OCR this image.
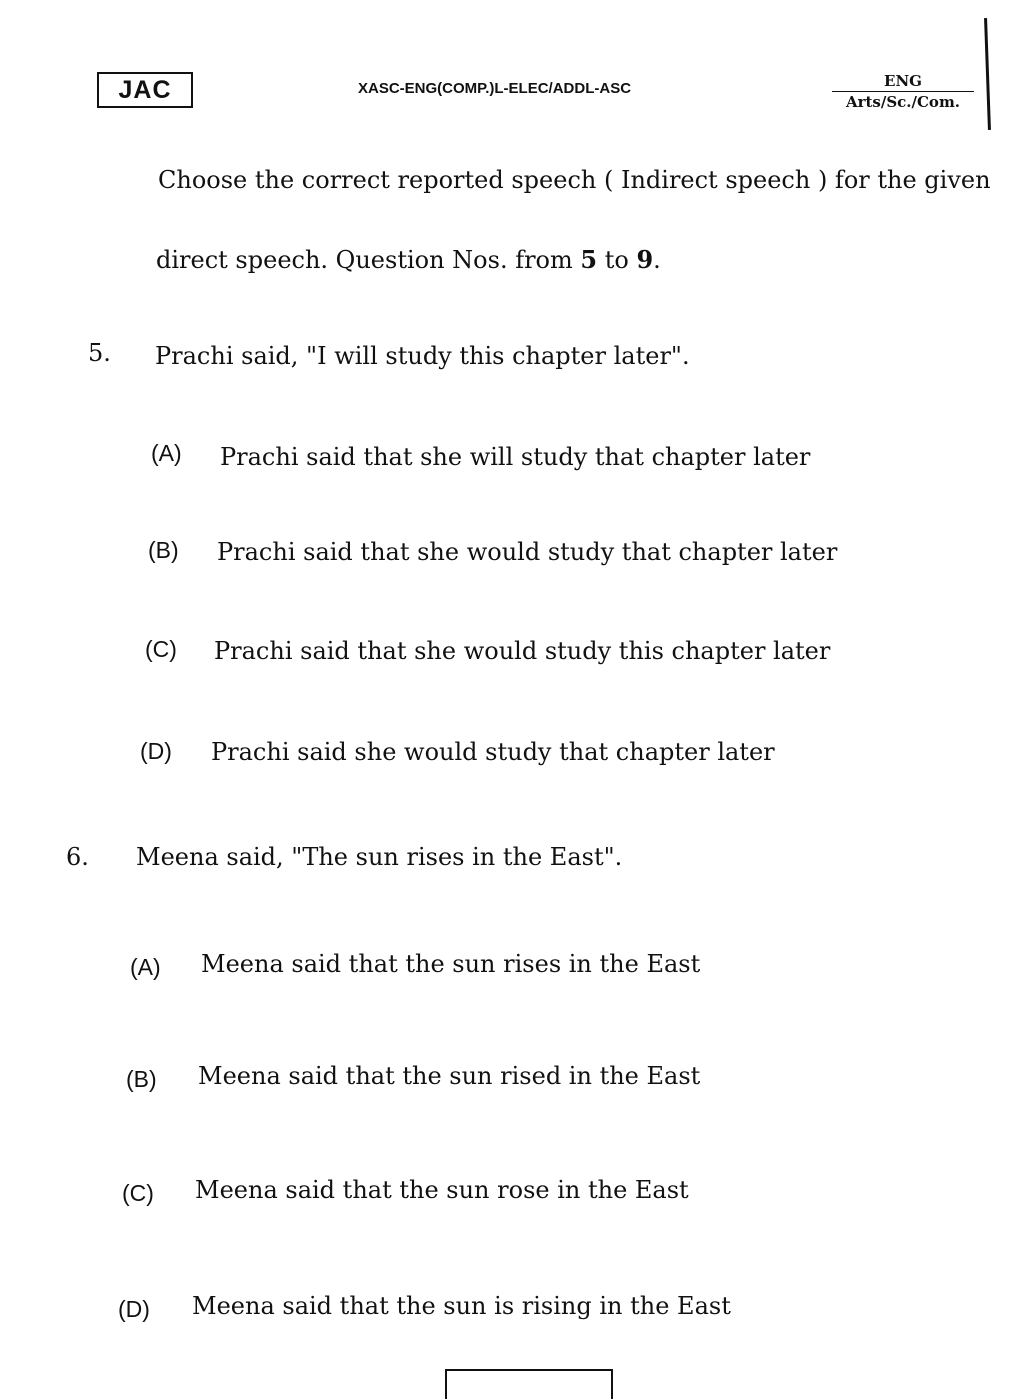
JAC	XASC-ENG(COMP.)L-ELEC/ADDL-ASC	ENG
Arts/Sc./Com.
Choose the correct reported speech ( Indirect speech ) for the given
direct speech. Question Nos. from 5 to 9.
5. Prachi said, "I will study this chapter later".
(A) Prachi said that she will study that chapter later
(B) Prachi said that she would study that chapter later
(C) Prachi said that she would study this chapter later
(D) Prachi said she would study that chapter later
6. Meena said, "The sun rises in the East".
(A) Meena said that the sun rises in the East
(B) Meena said that the sun rised in the East
(C) Meena said that the sun rose in the East
(D) Meena said that the sun is rising in the East
